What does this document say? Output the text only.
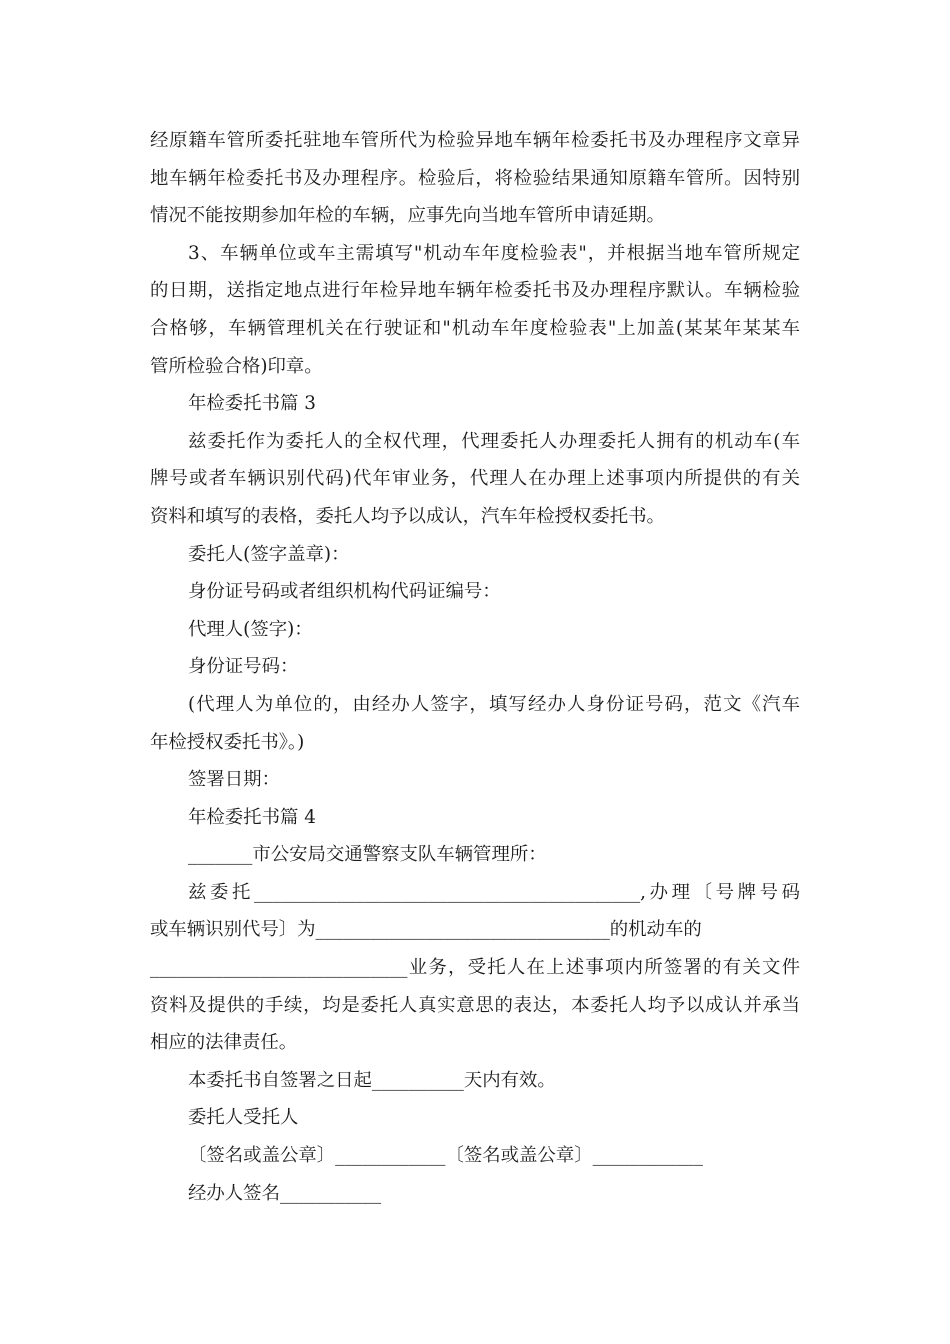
经原籍车管所委托驻地车管所代为检验异地车辆年检委托书及办理程序文章异
地车辆年检委托书及办理程序。检验后，将检验结果通知原籍车管所。因特别
情况不能按期参加年检的车辆，应事先向当地车管所申请延期。
3、车辆单位或车主需填写"机动车年度检验表"，并根据当地车管所规定
的日期，送指定地点进行年检异地车辆年检委托书及办理程序默认。车辆检验
合格够，车辆管理机关在行驶证和"机动车年度检验表"上加盖(某某年某某车
管所检验合格)印章。
年检委托书篇 3
兹委托作为委托人的全权代理，代理委托人办理委托人拥有的机动车(车
牌号或者车辆识别代码)代年审业务，代理人在办理上述事项内所提供的有关
资料和填写的表格，委托人均予以成认，汽车年检授权委托书。
委托人(签字盖章)：
身份证号码或者组织机构代码证编号：
代理人(签字)：
身份证号码：
(代理人为单位的，由经办人签字，填写经办人身份证号码，范文《汽车
年检授权委托书》。)
签署日期：
年检委托书篇 4
_______市公安局交通警察支队车辆管理所：
兹委托__________________________________________,办理〔号牌号码
或车辆识别代号〕为________________________________的机动车的
____________________________业务，受托人在上述事项内所签署的有关文件
资料及提供的手续，均是委托人真实意思的表达，本委托人均予以成认并承当
相应的法律责任。
本委托书自签署之日起__________天内有效。
委托人受托人
〔签名或盖公章〕____________〔签名或盖公章〕____________
经办人签名___________
